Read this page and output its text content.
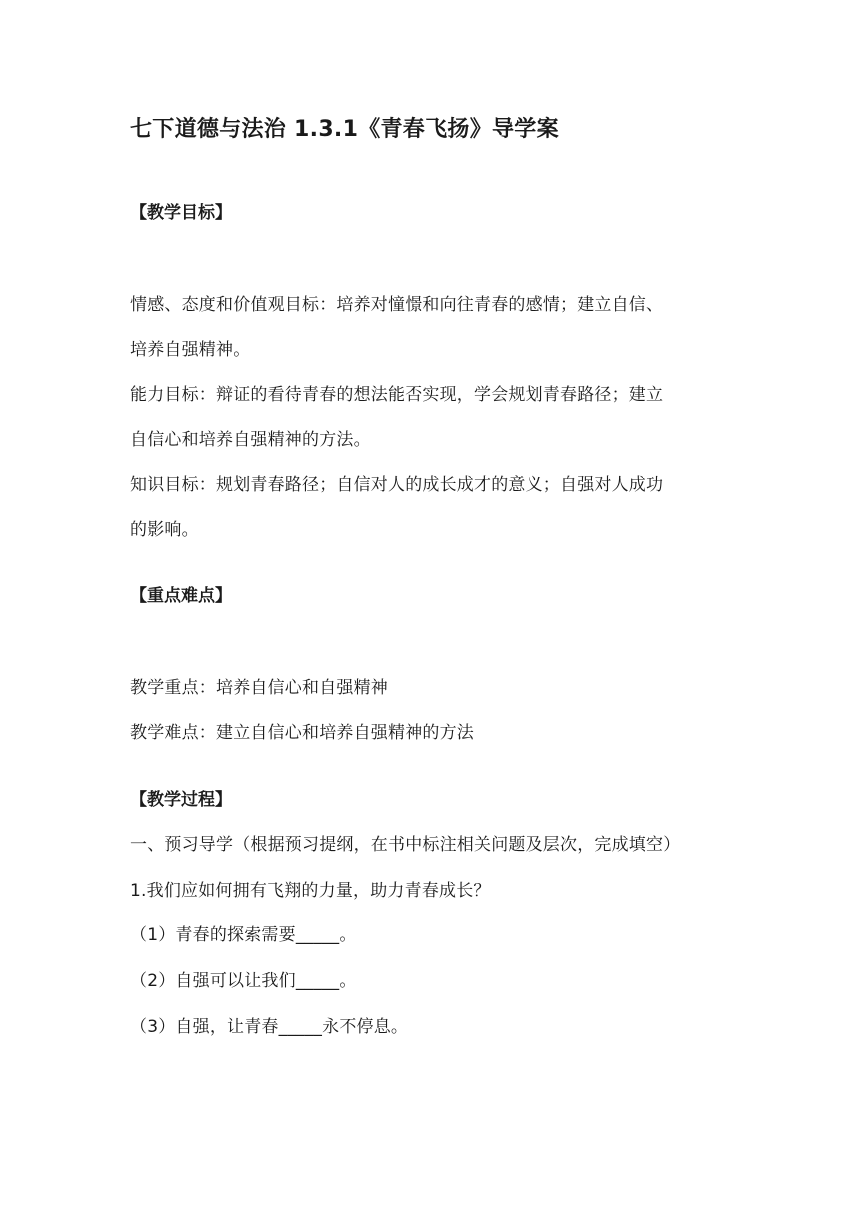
七下道德与法治 1.3.1《青春飞扬》导学案
【教学目标】
情感、态度和价值观目标：培养对憧憬和向往青春的感情；建立自信、
培养自强精神。
能力目标：辩证的看待青春的想法能否实现，学会规划青春路径；建立
自信心和培养自强精神的方法。
知识目标：规划青春路径；自信对人的成长成才的意义；自强对人成功
的影响。
【重点难点】
教学重点：培养自信心和自强精神
教学难点：建立自信心和培养自强精神的方法
【教学过程】
一、预习导学（根据预习提纲，在书中标注相关问题及层次，完成填空）
1.我们应如何拥有飞翔的力量，助力青春成长？
（1）青春的探索需要_____。
（2）自强可以让我们_____。
（3）自强，让青春_____永不停息。
